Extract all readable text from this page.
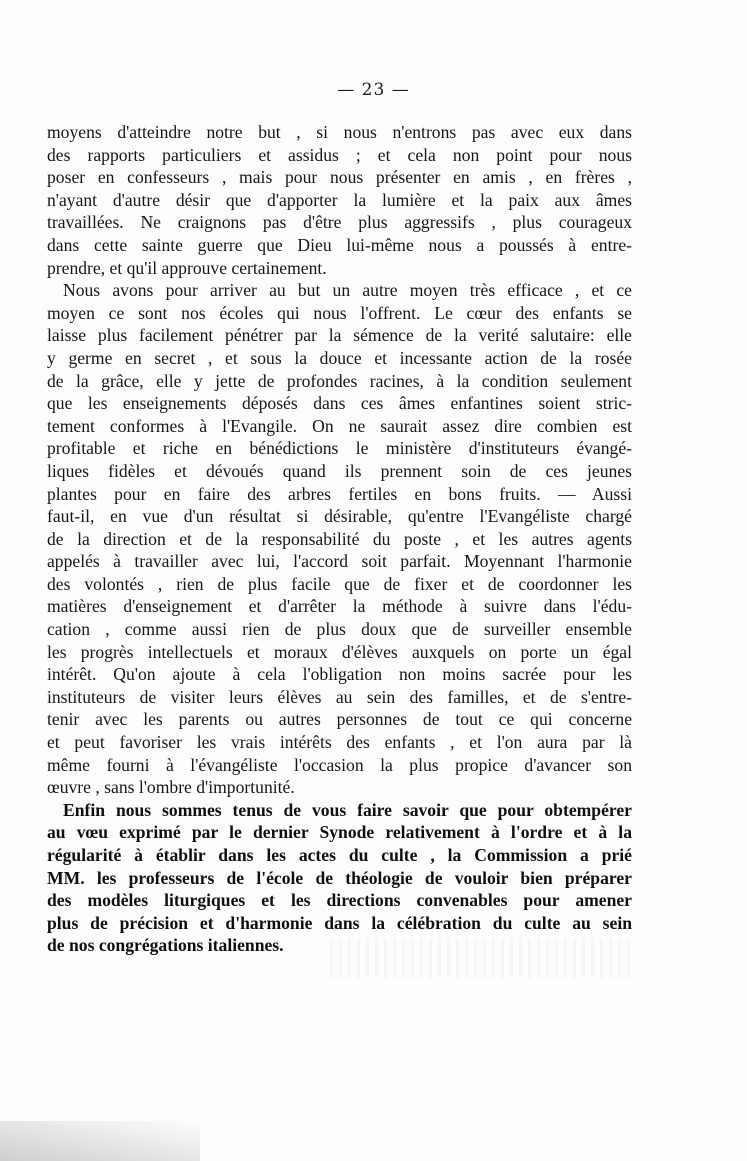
— 23 —
moyens d'atteindre notre but , si nous n'entrons pas avec eux dans
des rapports particuliers et assidus ; et cela non point pour nous
poser en confesseurs , mais pour nous présenter en amis , en frères ,
n'ayant d'autre désir que d'apporter la lumière et la paix aux âmes
travaillées. Ne craignons pas d'être plus aggressifs , plus courageux
dans cette sainte guerre que Dieu lui-même nous a poussés à entre-
prendre, et qu'il approuve certainement.
Nous avons pour arriver au but un autre moyen très efficace , et ce
moyen ce sont nos écoles qui nous l'offrent. Le cœur des enfants se
laisse plus facilement pénétrer par la sémence de la verité salutaire: elle
y germe en secret , et sous la douce et incessante action de la rosée
de la grâce, elle y jette de profondes racines, à la condition seulement
que les enseignements déposés dans ces âmes enfantines soient stric-
tement conformes à l'Evangile. On ne saurait assez dire combien est
profitable et riche en bénédictions le ministère d'instituteurs évangé-
liques fidèles et dévoués quand ils prennent soin de ces jeunes
plantes pour en faire des arbres fertiles en bons fruits. — Aussi
faut-il, en vue d'un résultat si désirable, qu'entre l'Evangéliste chargé
de la direction et de la responsabilité du poste , et les autres agents
appelés à travailler avec lui, l'accord soit parfait. Moyennant l'harmonie
des volontés , rien de plus facile que de fixer et de coordonner les
matières d'enseignement et d'arrêter la méthode à suivre dans l'édu-
cation , comme aussi rien de plus doux que de surveiller ensemble
les progrès intellectuels et moraux d'élèves auxquels on porte un égal
intérêt. Qu'on ajoute à cela l'obligation non moins sacrée pour les
instituteurs de visiter leurs élèves au sein des familles, et de s'entre-
tenir avec les parents ou autres personnes de tout ce qui concerne
et peut favoriser les vrais intérêts des enfants , et l'on aura par là
même fourni à l'évangéliste l'occasion la plus propice d'avancer son
œuvre , sans l'ombre d'importunité.
Enfin nous sommes tenus de vous faire savoir que pour obtempérer
au vœu exprimé par le dernier Synode relativement à l'ordre et à la
régularité à établir dans les actes du culte , la Commission a prié
MM. les professeurs de l'école de théologie de vouloir bien préparer
des modèles liturgiques et les directions convenables pour amener
plus de précision et d'harmonie dans la célébration du culte au sein
de nos congrégations italiennes.
